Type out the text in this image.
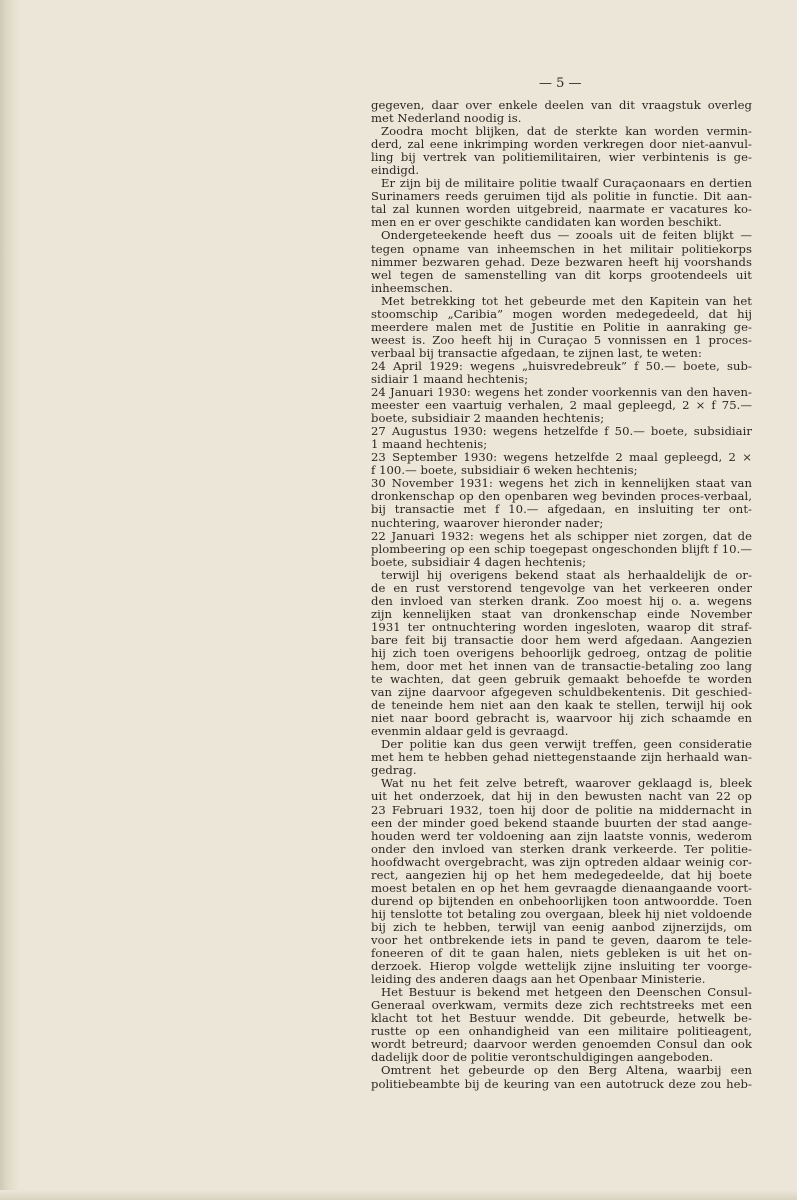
— 5 —
gegeven, daar over enkele deelen van dit vraagstuk overleg
met Nederland noodig is.
Zoodra mocht blijken, dat de sterkte kan worden vermin-
derd, zal eene inkrimping worden verkregen door niet-aanvul-
ling bij vertrek van politiemilitairen, wier verbintenis is ge-
eindigd.
Er zijn bij de militaire politie twaalf Curaçaonaars en dertien
Surinamers reeds geruimen tijd als politie in functie. Dit aan-
tal zal kunnen worden uitgebreid, naarmate er vacatures ko-
men en er over geschikte candidaten kan worden beschikt.
Ondergeteekende heeft dus — zooals uit de feiten blijkt —
tegen opname van inheemschen in het militair politiekorps
nimmer bezwaren gehad. Deze bezwaren heeft hij voorshands
wel tegen de samenstelling van dit korps grootendeels uit
inheemschen.
Met betrekking tot het gebeurde met den Kapitein van het
stoomschip „Caribia” mogen worden medegedeeld, dat hij
meerdere malen met de Justitie en Politie in aanraking ge-
weest is. Zoo heeft hij in Curaçao 5 vonnissen en 1 proces-
verbaal bij transactie afgedaan, te zijnen last, te weten:
24 April 1929: wegens „huisvredebreuk” f 50.— boete, sub-
sidiair 1 maand hechtenis;
24 Januari 1930: wegens het zonder voorkennis van den haven-
meester een vaartuig verhalen, 2 maal gepleegd, 2 × f 75.—
boete, subsidiair 2 maanden hechtenis;
27 Augustus 1930: wegens hetzelfde f 50.— boete, subsidiair
1 maand hechtenis;
23 September 1930: wegens hetzelfde 2 maal gepleegd, 2 ×
f 100.— boete, subsidiair 6 weken hechtenis;
30 November 1931: wegens het zich in kennelijken staat van
dronkenschap op den openbaren weg bevinden proces-verbaal,
bij transactie met f 10.— afgedaan, en insluiting ter ont-
nuchtering, waarover hieronder nader;
22 Januari 1932: wegens het als schipper niet zorgen, dat de
plombeering op een schip toegepast ongeschonden blijft f 10.—
boete, subsidiair 4 dagen hechtenis;
terwijl hij overigens bekend staat als herhaaldelijk de or-
de en rust verstorend tengevolge van het verkeeren onder
den invloed van sterken drank. Zoo moest hij o. a. wegens
zijn kennelijken staat van dronkenschap einde November
1931 ter ontnuchtering worden ingesloten, waarop dit straf-
bare feit bij transactie door hem werd afgedaan. Aangezien
hij zich toen overigens behoorlijk gedroeg, ontzag de politie
hem, door met het innen van de transactie-betaling zoo lang
te wachten, dat geen gebruik gemaakt behoefde te worden
van zijne daarvoor afgegeven schuldbekentenis. Dit geschied-
de teneinde hem niet aan den kaak te stellen, terwijl hij ook
niet naar boord gebracht is, waarvoor hij zich schaamde en
evenmin aldaar geld is gevraagd.
Der politie kan dus geen verwijt treffen, geen consideratie
met hem te hebben gehad niettegenstaande zijn herhaald wan-
gedrag.
Wat nu het feit zelve betreft, waarover geklaagd is, bleek
uit het onderzoek, dat hij in den bewusten nacht van 22 op
23 Februari 1932, toen hij door de politie na middernacht in
een der minder goed bekend staande buurten der stad aange-
houden werd ter voldoening aan zijn laatste vonnis, wederom
onder den invloed van sterken drank verkeerde. Ter politie-
hoofdwacht overgebracht, was zijn optreden aldaar weinig cor-
rect, aangezien hij op het hem medegedeelde, dat hij boete
moest betalen en op het hem gevraagde dienaangaande voort-
durend op bijtenden en onbehoorlijken toon antwoordde. Toen
hij tenslotte tot betaling zou overgaan, bleek hij niet voldoende
bij zich te hebben, terwijl van eenig aanbod zijnerzijds, om
voor het ontbrekende iets in pand te geven, daarom te tele-
foneeren of dit te gaan halen, niets gebleken is uit het on-
derzoek. Hierop volgde wettelijk zijne insluiting ter voorge-
leiding des anderen daags aan het Openbaar Ministerie.
Het Bestuur is bekend met hetgeen den Deenschen Consul-
Generaal overkwam, vermits deze zich rechtstreeks met een
klacht tot het Bestuur wendde. Dit gebeurde, hetwelk be-
rustte op een onhandigheid van een militaire politieagent,
wordt betreurd; daarvoor werden genoemden Consul dan ook
dadelijk door de politie verontschuldigingen aangeboden.
Omtrent het gebeurde op den Berg Altena, waarbij een
politiebeambte bij de keuring van een autotruck deze zou heb-
